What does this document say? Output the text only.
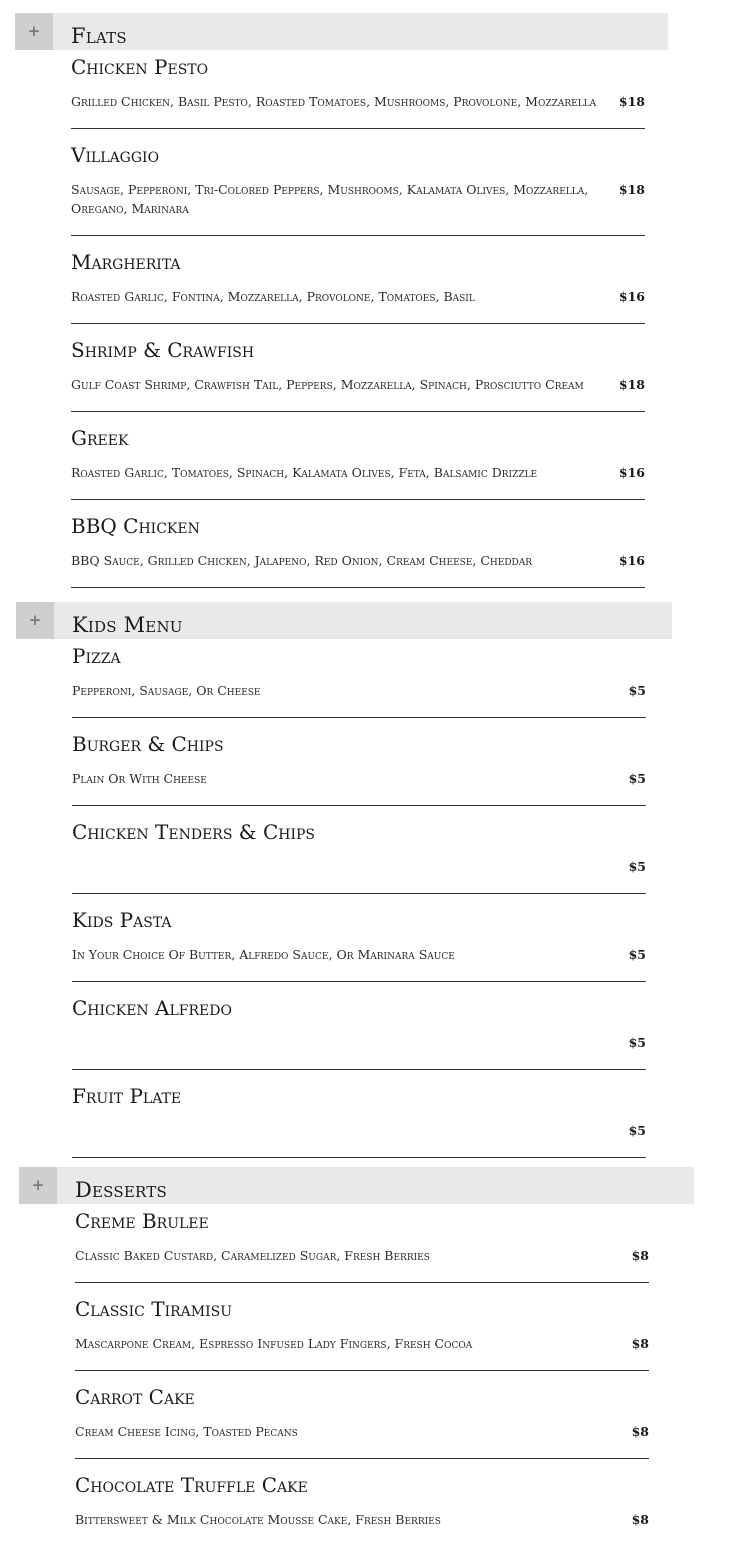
+	Flats
Chicken Pesto
Grilled Chicken, Basil Pesto, Roasted Tomatoes, Mushrooms, Provolone, Mozzarella	$18
Villaggio
Sausage, Pepperoni, Tri-Colored Peppers, Mushrooms, Kalamata Olives, Mozzarella, Oregano, Marinara
$18
Margherita
Roasted Garlic, Fontina, Mozzarella, Provolone, Tomatoes, Basil	$16
Shrimp & Crawfish
Gulf Coast Shrimp, Crawfish Tail, Peppers, Mozzarella, Spinach, Prosciutto Cream	$18
Greek
Roasted Garlic, Tomatoes, Spinach, Kalamata Olives, Feta, Balsamic Drizzle	$16
BBQ Chicken
BBQ Sauce, Grilled Chicken, Jalapeno, Red Onion, Cream Cheese, Cheddar	$16
+	Kids Menu
Pizza
Pepperoni, Sausage, Or Cheese	$5
Burger & Chips
Plain Or With Cheese	$5
Chicken Tenders & Chips
$5
Kids Pasta
In Your Choice Of Butter, Alfredo Sauce, Or Marinara Sauce	$5
Chicken Alfredo
$5
Fruit Plate
$5
+	Desserts
Creme Brulee
Classic Baked Custard, Caramelized Sugar, Fresh Berries	$8
Classic Tiramisu
Mascarpone Cream, Espresso Infused Lady Fingers, Fresh Cocoa	$8
Carrot Cake
Cream Cheese Icing, Toasted Pecans	$8
Chocolate Truffle Cake
Bittersweet & Milk Chocolate Mousse Cake, Fresh Berries	$8
